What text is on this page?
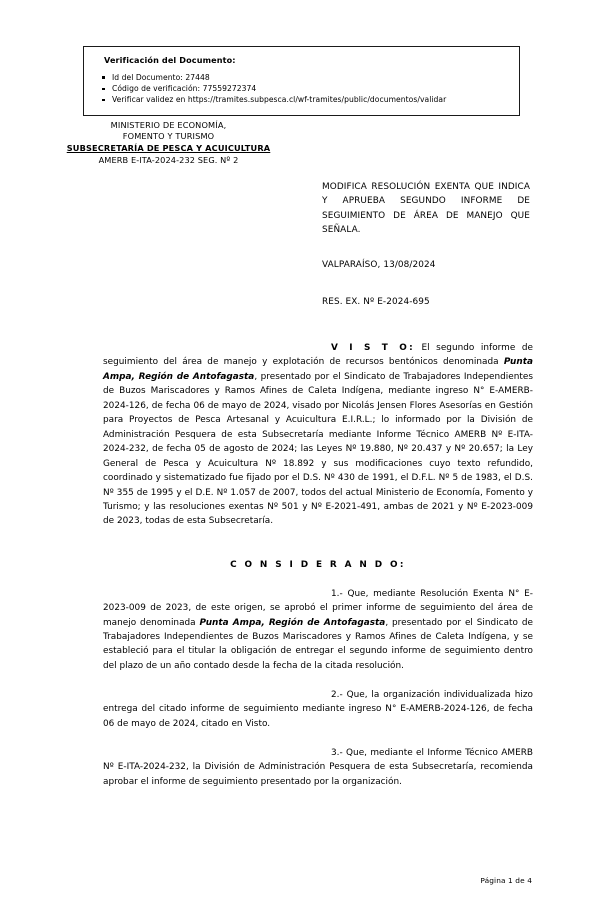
Verificación del Documento:
Id del Documento: 27448
Código de verificación: 77559272374
Verificar validez en https://tramites.subpesca.cl/wf-tramites/public/documentos/validar
MINISTERIO DE ECONOMÍA,
FOMENTO Y TURISMO
SUBSECRETARÍA DE PESCA Y ACUICULTURA
AMERB E-ITA-2024-232 SEG. Nº 2
MODIFICA RESOLUCIÓN EXENTA QUE INDICA Y APRUEBA SEGUNDO INFORME DE SEGUIMIENTO DE ÁREA DE MANEJO QUE SEÑALA.
VALPARAÍSO, 13/08/2024
RES. EX. Nº E-2024-695

V I S T O: El segundo informe de seguimiento del área de manejo y explotación de recursos bentónicos denominada Punta Ampa, Región de Antofagasta, presentado por el Sindicato de Trabajadores Independientes de Buzos Mariscadores y Ramos Afines de Caleta Indígena, mediante ingreso N° E-AMERB-2024-126, de fecha 06 de mayo de 2024, visado por Nicolás Jensen Flores Asesorías en Gestión para Proyectos de Pesca Artesanal y Acuicultura E.I.R.L.; lo informado por la División de Administración Pesquera de esta Subsecretaría mediante Informe Técnico AMERB Nº E-ITA-2024-232, de fecha 05 de agosto de 2024; las Leyes Nº 19.880, Nº 20.437 y Nº 20.657; la Ley General de Pesca y Acuicultura Nº 18.892 y sus modificaciones cuyo texto refundido, coordinado y sistematizado fue fijado por el D.S. Nº 430 de 1991, el D.F.L. Nº 5 de 1983, el D.S. Nº 355 de 1995 y el D.E. Nº 1.057 de 2007, todos del actual Ministerio de Economía, Fomento y Turismo; y las resoluciones exentas Nº 501 y Nº E-2021-491, ambas de 2021 y Nº E-2023-009 de 2023, todas de esta Subsecretaría.

C O N S I D E R A N D O:

1.- Que, mediante Resolución Exenta N° E-2023-009 de 2023, de este origen, se aprobó el primer informe de seguimiento del área de manejo denominada Punta Ampa, Región de Antofagasta, presentado por el Sindicato de Trabajadores Independientes de Buzos Mariscadores y Ramos Afines de Caleta Indígena, y se estableció para el titular la obligación de entregar el segundo informe de seguimiento dentro del plazo de un año contado desde la fecha de la citada resolución.

2.- Que, la organización individualizada hizo entrega del citado informe de seguimiento mediante ingreso N° E-AMERB-2024-126, de fecha 06 de mayo de 2024, citado en Visto.

3.- Que, mediante el Informe Técnico AMERB Nº E-ITA-2024-232, la División de Administración Pesquera de esta Subsecretaría, recomienda aprobar el informe de seguimiento presentado por la organización.

Página 1 de 4
